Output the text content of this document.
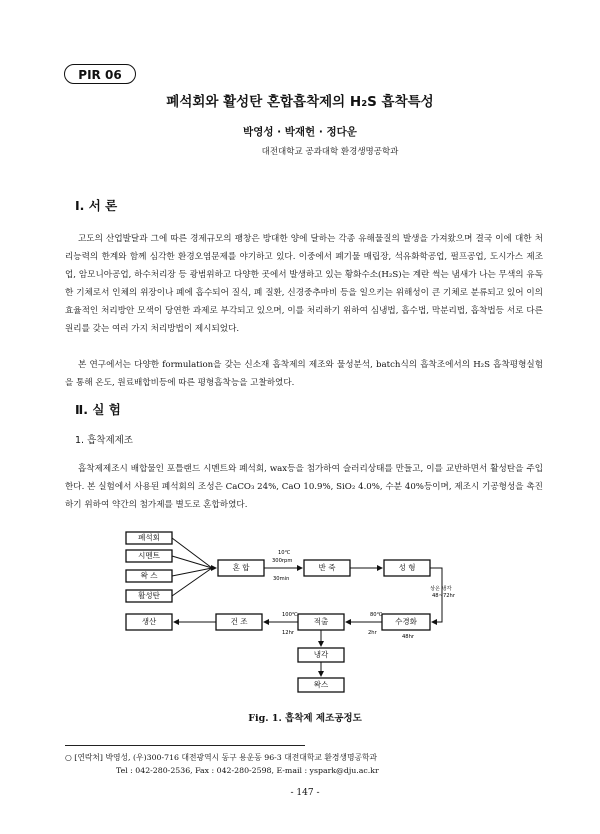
PIR 06
폐석회와 활성탄 혼합흡착제의 H₂S 흡착특성
박영성 · 박재헌 · 정다운
대전대학교 공과대학 환경생명공학과
Ⅰ. 서 론
고도의 산업발달과 그에 따른 경제규모의 팽창은 방대한 양에 달하는 각종 유해물질의 발생을 가져왔으며 결국 이에 대한 처리능력의 한계와 함께 심각한 환경오염문제를 야기하고 있다. 이중에서 폐기물 매립장, 석유화학공업, 펄프공업, 도시가스 제조업, 암모니아공업, 하수처리장 등 광범위하고 다양한 곳에서 발생하고 있는 황화수소(H₂S)는 계란 썩는 냄새가 나는 무색의 유독한 기체로서 인체의 위장이나 폐에 흡수되어 질식, 폐 질환, 신경중추마비 등을 일으키는 위해성이 큰 기체로 분류되고 있어 이의 효율적인 처리방안 모색이 당연한 과제로 부각되고 있으며, 이를 처리하기 위하여 심냉법, 흡수법, 막분리법, 흡착법등 서로 다른 원리를 갖는 여러 가지 처리방법이 제시되었다.
본 연구에서는 다양한 formulation을 갖는 신소재 흡착제의 제조와 물성분석, batch식의 흡착조에서의 H₂S 흡착평형실험을 통해 온도, 원료배합비등에 따른 평형흡착능을 고찰하였다.
Ⅱ. 실 험
1. 흡착제제조
흡착제제조시 배합물인 포틀랜드 시멘트와 폐석회, wax등을 첨가하여 슬러리상태를 만들고, 이를 교반하면서 활성탄을 주입한다. 본 실험에서 사용된 폐석회의 조성은 CaCO₃ 24%, CaO 10.9%, SiO₂ 4.0%, 수분 40%등이며, 제조시 기공형성을 촉진하기 위하여 약간의 첨가제를 별도로 혼합하였다.
폐석회
시멘트
왁 스
활성탄
혼 합
10℃
300rpm
30min
반 죽	성 형
상온 냉각
48~72hr
수경화
80℃
2hr
48hr
적출
100℃
12hr
건 조
생산
냉각
왁스
Fig. 1. 흡착제 제조공정도
○ [연락처] 박영성, (우)300-716 대전광역시 동구 용운동 96-3 대전대학교 환경생명공학과
Tel : 042-280-2536, Fax : 042-280-2598, E-mail : yspark@dju.ac.kr
- 147 -
